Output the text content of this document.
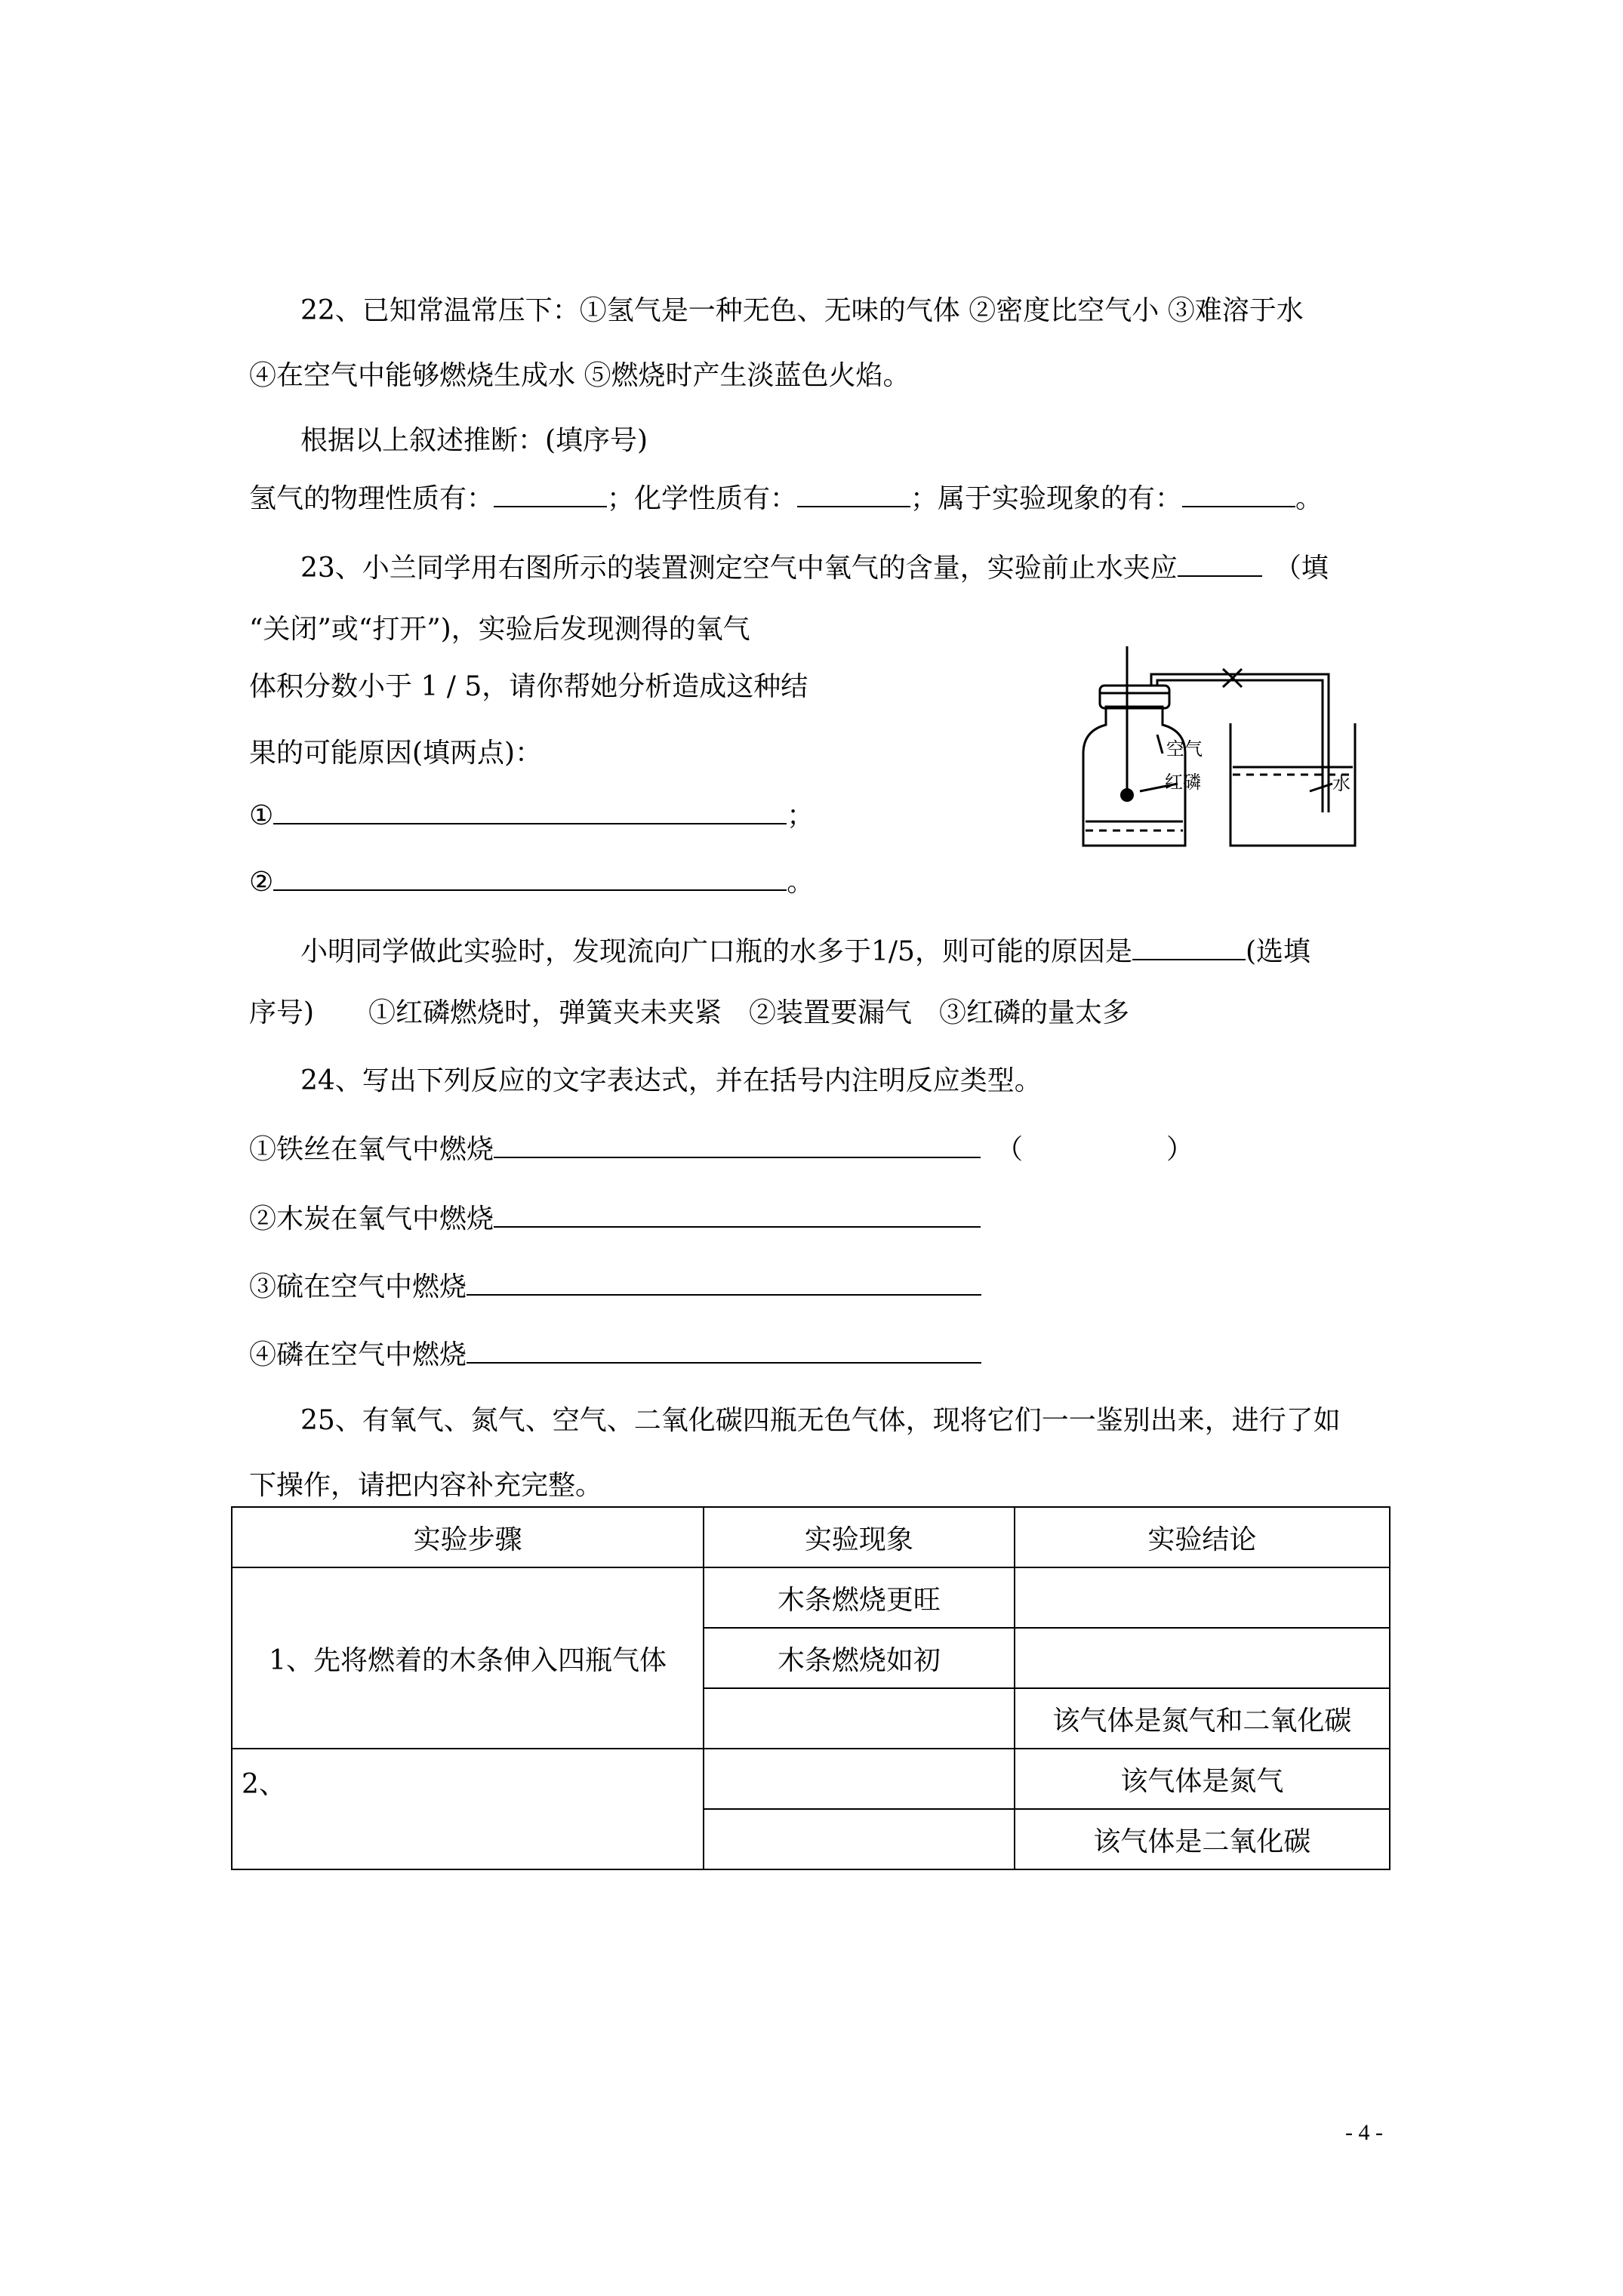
22、已知常温常压下：①氢气是一种无色、无味的气体 ②密度比空气小 ③难溶于水
④在空气中能够燃烧生成水 ⑤燃烧时产生淡蓝色火焰。
根据以上叙述推断：(填序号)
氢气的物理性质有：	；化学性质有：	；属于实验现象的有：	。
23、小兰同学用右图所示的装置测定空气中氧气的含量，实验前止水夹应	（填
“关闭”或“打开”)，实验后发现测得的氧气
体积分数小于 1 / 5，请你帮她分析造成这种结
果的可能原因(填两点)：
①	；
②	。
空气
红磷	水
小明同学做此实验时，发现流向广口瓶的水多于1/5，则可能的原因是	(选填
序号)　　①红磷燃烧时，弹簧夹未夹紧　②装置要漏气　③红磷的量太多
24、写出下列反应的文字表达式，并在括号内注明反应类型。
①铁丝在氧气中燃烧	（	）
②木炭在氧气中燃烧
③硫在空气中燃烧
④磷在空气中燃烧
25、有氧气、氮气、空气、二氧化碳四瓶无色气体，现将它们一一鉴别出来，进行了如
下操作，请把内容补充完整。
实验步骤	实验现象	实验结论
1、先将燃着的木条伸入四瓶气体	木条燃烧更旺	
	木条燃烧如初	
		该气体是氮气和二氧化碳
2、		该气体是氮气
		该气体是二氧化碳
- 4 -
